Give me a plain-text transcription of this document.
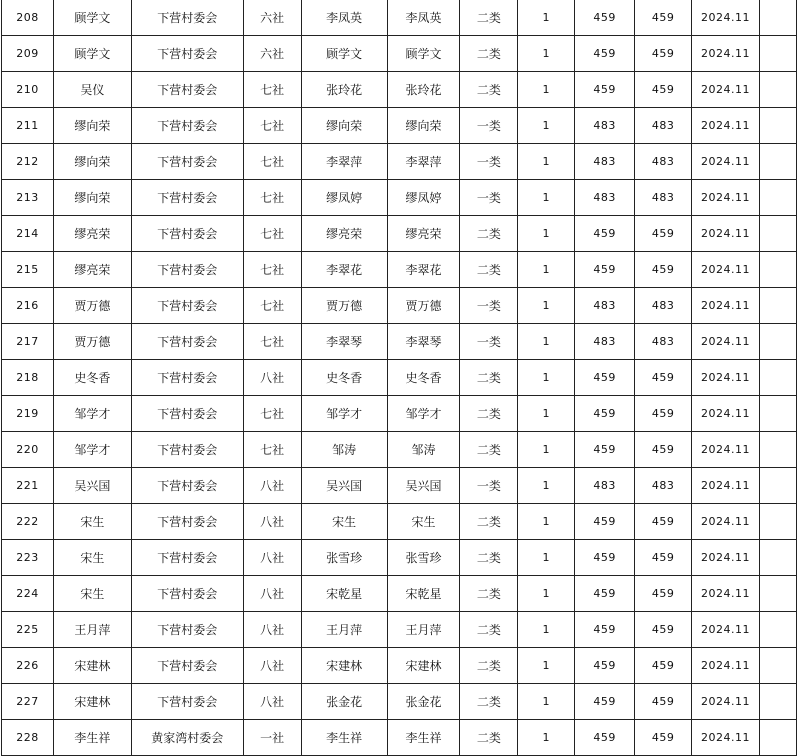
208	顾学文	下营村委会	六社	李凤英	李凤英	二类	1	459	459	2024.11	
209	顾学文	下营村委会	六社	顾学文	顾学文	二类	1	459	459	2024.11	
210	吴仪	下营村委会	七社	张玲花	张玲花	二类	1	459	459	2024.11	
211	缪向荣	下营村委会	七社	缪向荣	缪向荣	一类	1	483	483	2024.11	
212	缪向荣	下营村委会	七社	李翠萍	李翠萍	一类	1	483	483	2024.11	
213	缪向荣	下营村委会	七社	缪凤婷	缪凤婷	一类	1	483	483	2024.11	
214	缪亮荣	下营村委会	七社	缪亮荣	缪亮荣	二类	1	459	459	2024.11	
215	缪亮荣	下营村委会	七社	李翠花	李翠花	二类	1	459	459	2024.11	
216	贾万德	下营村委会	七社	贾万德	贾万德	一类	1	483	483	2024.11	
217	贾万德	下营村委会	七社	李翠琴	李翠琴	一类	1	483	483	2024.11	
218	史冬香	下营村委会	八社	史冬香	史冬香	二类	1	459	459	2024.11	
219	邹学才	下营村委会	七社	邹学才	邹学才	二类	1	459	459	2024.11	
220	邹学才	下营村委会	七社	邹涛	邹涛	二类	1	459	459	2024.11	
221	吴兴国	下营村委会	八社	吴兴国	吴兴国	一类	1	483	483	2024.11	
222	宋生	下营村委会	八社	宋生	宋生	二类	1	459	459	2024.11	
223	宋生	下营村委会	八社	张雪珍	张雪珍	二类	1	459	459	2024.11	
224	宋生	下营村委会	八社	宋乾星	宋乾星	二类	1	459	459	2024.11	
225	王月萍	下营村委会	八社	王月萍	王月萍	二类	1	459	459	2024.11	
226	宋建林	下营村委会	八社	宋建林	宋建林	二类	1	459	459	2024.11	
227	宋建林	下营村委会	八社	张金花	张金花	二类	1	459	459	2024.11	
228	李生祥	黄家湾村委会	一社	李生祥	李生祥	二类	1	459	459	2024.11	
